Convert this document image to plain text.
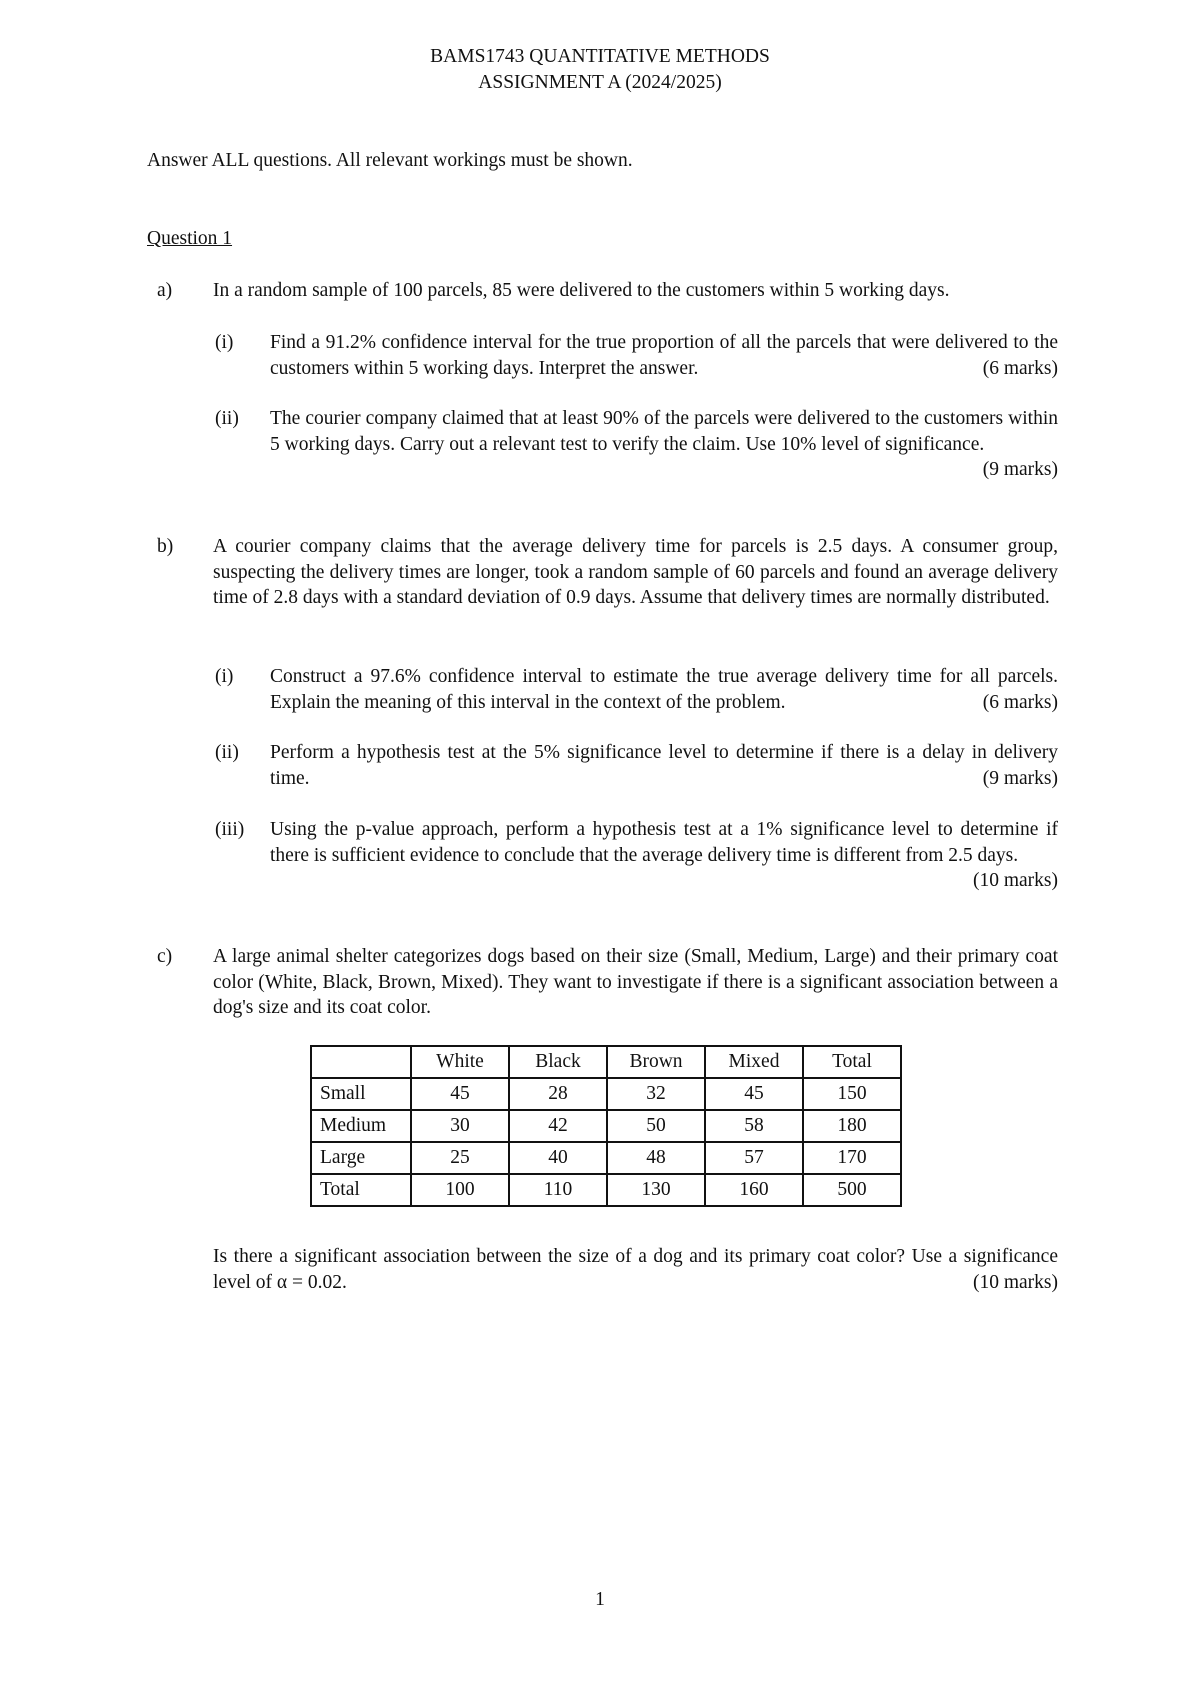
BAMS1743 QUANTITATIVE METHODS
ASSIGNMENT A (2024/2025)
Answer ALL questions. All relevant workings must be shown.
Question 1
a) In a random sample of 100 parcels, 85 were delivered to the customers within 5 working days.
(i) Find a 91.2% confidence interval for the true proportion of all the parcels that were delivered to the customers within 5 working days. Interpret the answer.	(6 marks)
(ii) The courier company claimed that at least 90% of the parcels were delivered to the customers within 5 working days. Carry out a relevant test to verify the claim. Use 10% level of significance.
(9 marks)
b) A courier company claims that the average delivery time for parcels is 2.5 days. A consumer group, suspecting the delivery times are longer, took a random sample of 60 parcels and found an average delivery time of 2.8 days with a standard deviation of 0.9 days. Assume that delivery times are normally distributed.
(i) Construct a 97.6% confidence interval to estimate the true average delivery time for all parcels. Explain the meaning of this interval in the context of the problem.	(6 marks)
(ii) Perform a hypothesis test at the 5% significance level to determine if there is a delay in delivery time.	(9 marks)
(iii) Using the p-value approach, perform a hypothesis test at a 1% significance level to determine if there is sufficient evidence to conclude that the average delivery time is different from 2.5 days.
(10 marks)
c) A large animal shelter categorizes dogs based on their size (Small, Medium, Large) and their primary coat color (White, Black, Brown, Mixed). They want to investigate if there is a significant association between a dog's size and its coat color.
	White	Black	Brown	Mixed	Total
Small	45	28	32	45	150
Medium	30	42	50	58	180
Large	25	40	48	57	170
Total	100	110	130	160	500
Is there a significant association between the size of a dog and its primary coat color? Use a significance level of α = 0.02.	(10 marks)
1
